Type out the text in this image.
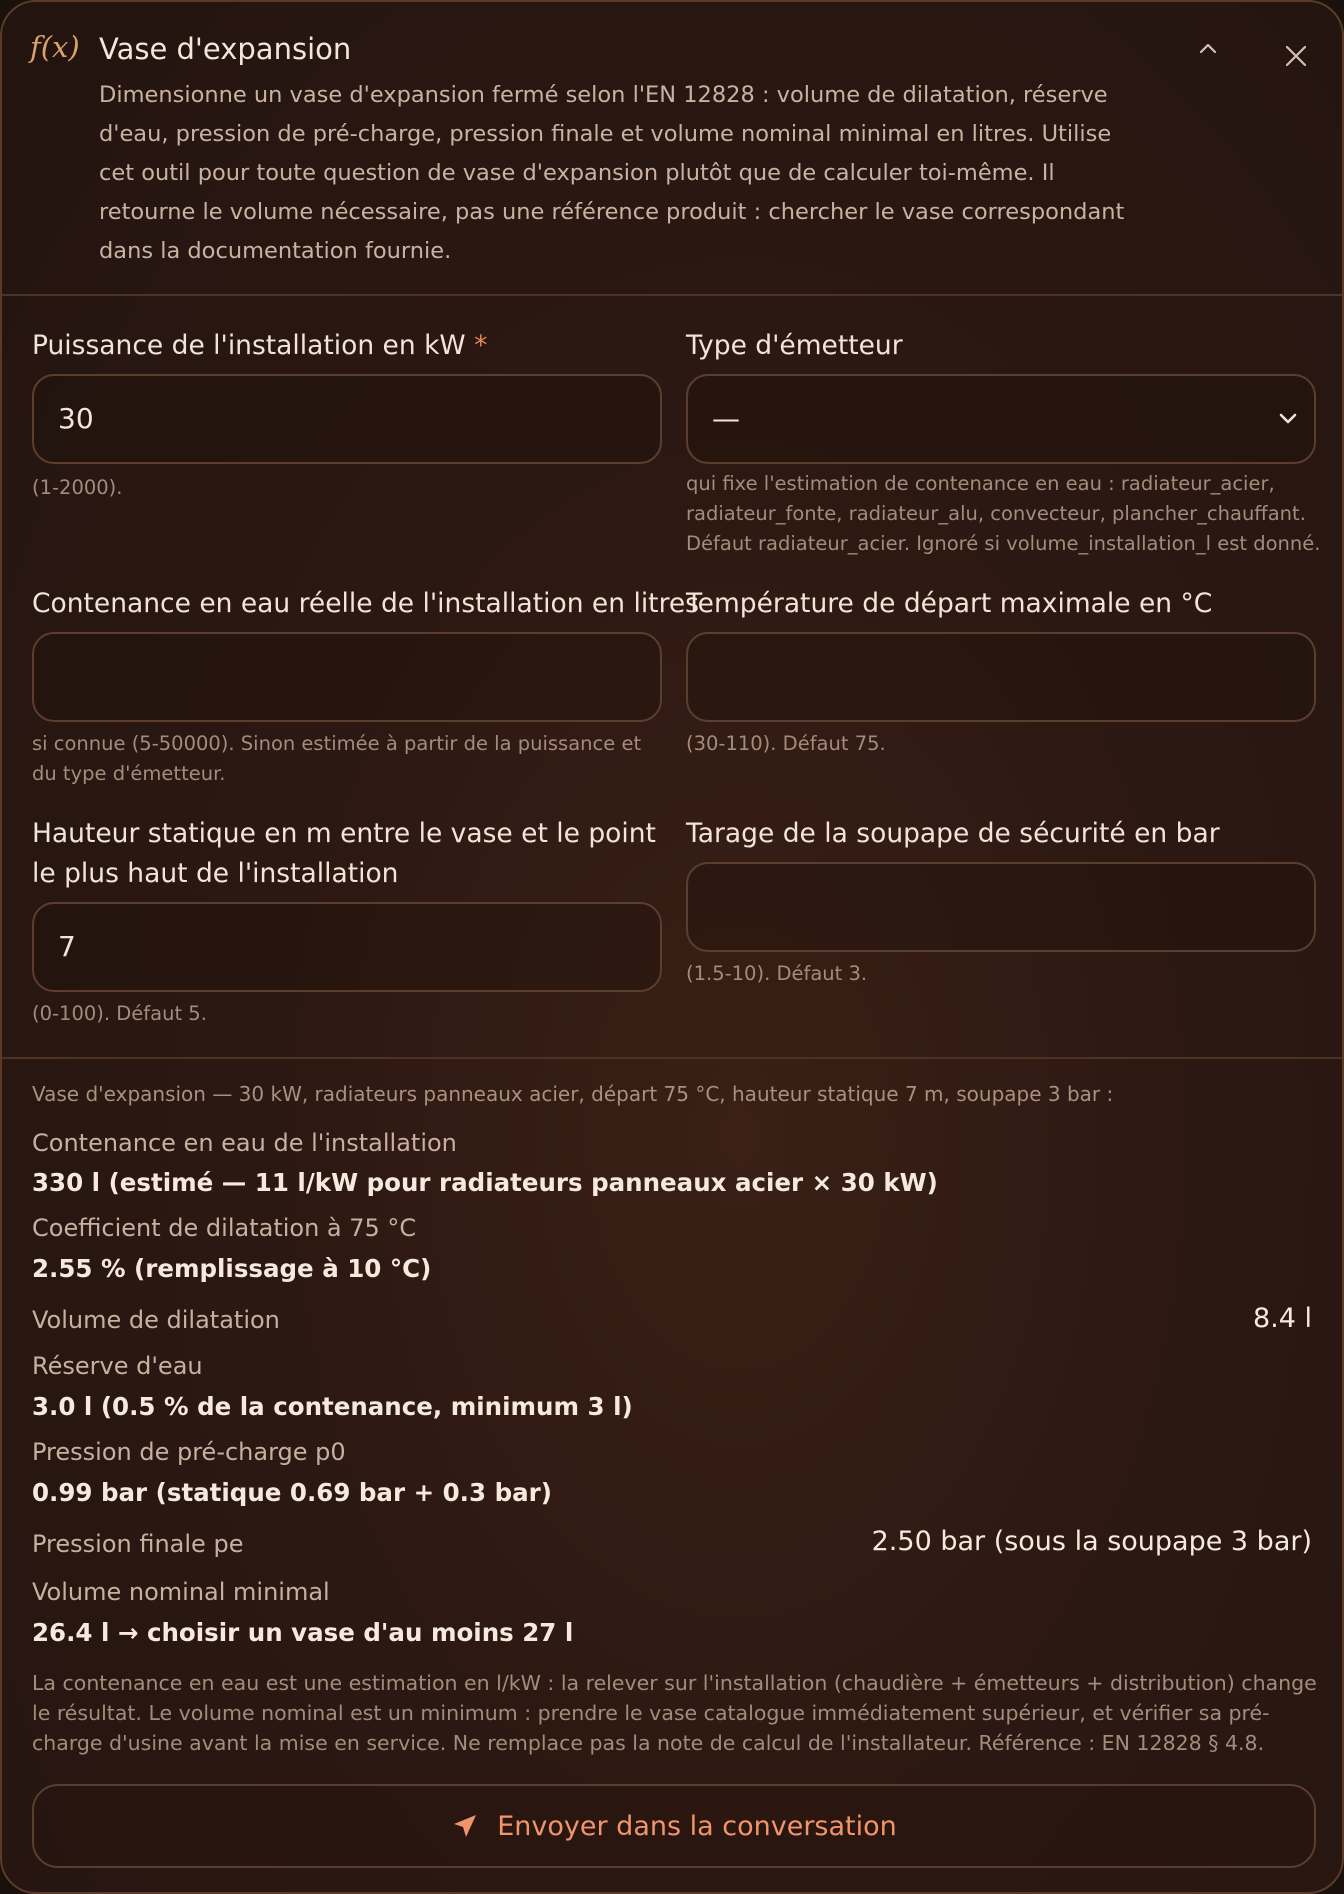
f(x) Vase d'expansion

Dimensionne un vase d'expansion fermé selon l'EN 12828 : volume de dilatation, réserve d'eau, pression de pré-charge, pression finale et volume nominal minimal en litres. Utilise cet outil pour toute question de vase d'expansion plutôt que de calculer toi-même. Il retourne le volume nécessaire, pas une référence produit : chercher le vase correspondant dans la documentation fournie.

Puissance de l'installation en kW *
30
(1-2000).
Type d'émetteur
—
qui fixe l'estimation de contenance en eau : radiateur_acier, radiateur_fonte, radiateur_alu, convecteur, plancher_chauffant. Défaut radiateur_acier. Ignoré si volume_installation_l est donné.
Contenance en eau réelle de l'installation en litres
si connue (5-50000). Sinon estimée à partir de la puissance et du type d'émetteur.
Température de départ maximale en °C
(30-110). Défaut 75.
Hauteur statique en m entre le vase et le point le plus haut de l'installation
7
(0-100). Défaut 5.
Tarage de la soupape de sécurité en bar
(1.5-10). Défaut 3.
Vase d'expansion — 30 kW, radiateurs panneaux acier, départ 75 °C, hauteur statique 7 m, soupape 3 bar :
Contenance en eau de l'installation
330 l (estimé — 11 l/kW pour radiateurs panneaux acier × 30 kW)
Coefficient de dilatation à 75 °C
2.55 % (remplissage à 10 °C)
Volume de dilatation	8.4 l
Réserve d'eau
3.0 l (0.5 % de la contenance, minimum 3 l)
Pression de pré-charge p0
0.99 bar (statique 0.69 bar + 0.3 bar)
Pression finale pe	2.50 bar (sous la soupape 3 bar)
Volume nominal minimal
26.4 l → choisir un vase d'au moins 27 l

La contenance en eau est une estimation en l/kW : la relever sur l'installation (chaudière + émetteurs + distribution) change le résultat. Le volume nominal est un minimum : prendre le vase catalogue immédiatement supérieur, et vérifier sa pré-charge d'usine avant la mise en service. Ne remplace pas la note de calcul de l'installateur. Référence : EN 12828 § 4.8.

Envoyer dans la conversation
